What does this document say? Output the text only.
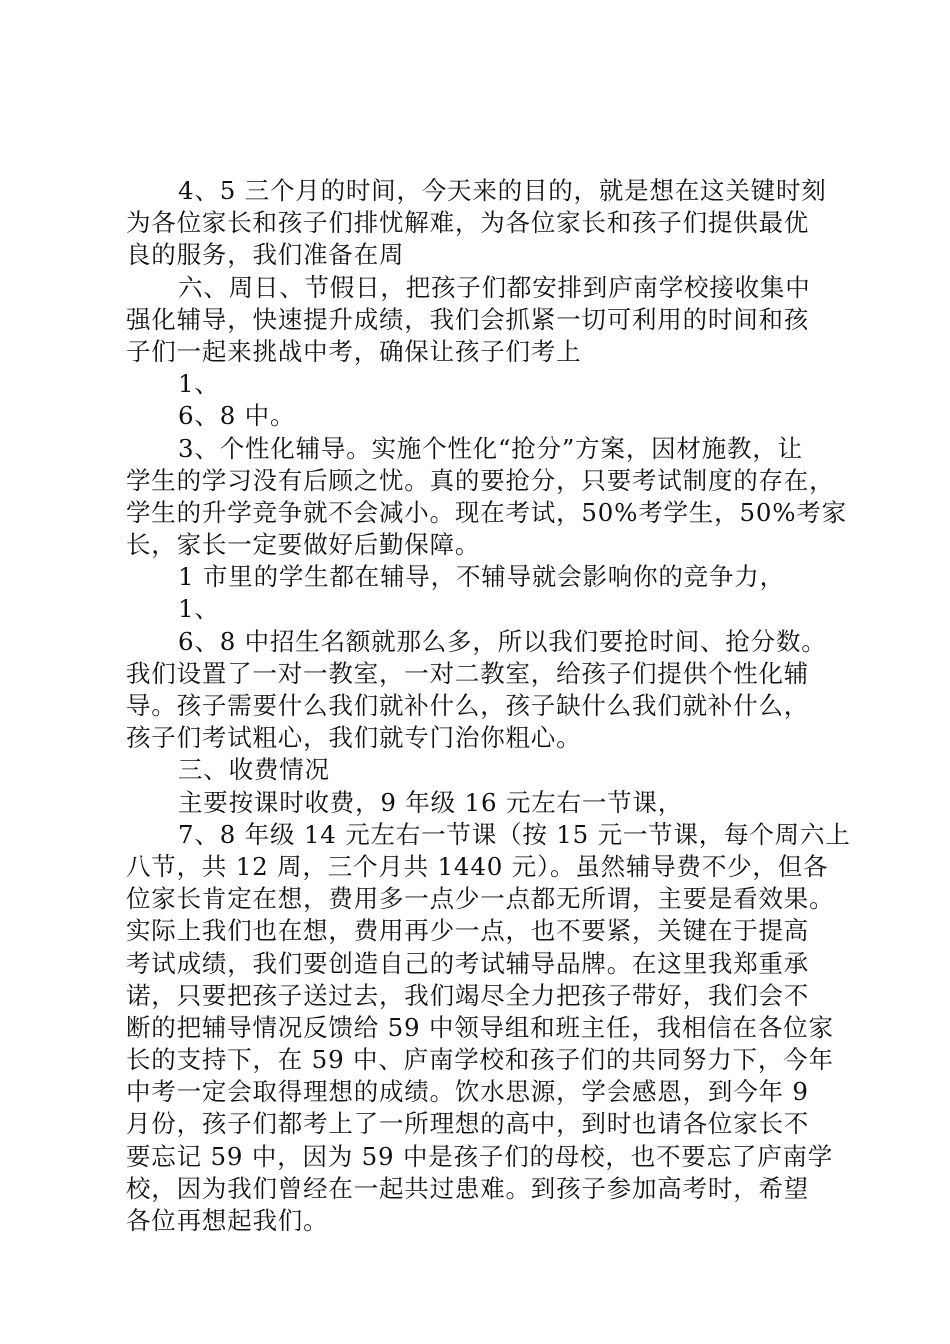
4、5 三个月的时间，今天来的目的，就是想在这关键时刻
为各位家长和孩子们排忧解难，为各位家长和孩子们提供最优
良的服务，我们准备在周
六、周日、节假日，把孩子们都安排到庐南学校接收集中
强化辅导，快速提升成绩，我们会抓紧一切可利用的时间和孩
子们一起来挑战中考，确保让孩子们考上
1、
6、8 中。
3、个性化辅导。实施个性化“抢分”方案，因材施教，让
学生的学习没有后顾之忧。真的要抢分，只要考试制度的存在，
学生的升学竞争就不会减小。现在考试，50%考学生，50%考家
长，家长一定要做好后勤保障。
1 市里的学生都在辅导，不辅导就会影响你的竞争力，
1、
6、8 中招生名额就那么多，所以我们要抢时间、抢分数。
我们设置了一对一教室，一对二教室，给孩子们提供个性化辅
导。孩子需要什么我们就补什么，孩子缺什么我们就补什么，
孩子们考试粗心，我们就专门治你粗心。
三、收费情况
主要按课时收费，9 年级 16 元左右一节课，
7、8 年级 14 元左右一节课（按 15 元一节课，每个周六上
八节，共 12 周，三个月共 1440 元）。虽然辅导费不少，但各
位家长肯定在想，费用多一点少一点都无所谓，主要是看效果。
实际上我们也在想，费用再少一点，也不要紧，关键在于提高
考试成绩，我们要创造自己的考试辅导品牌。在这里我郑重承
诺，只要把孩子送过去，我们竭尽全力把孩子带好，我们会不
断的把辅导情况反馈给 59 中领导组和班主任，我相信在各位家
长的支持下，在 59 中、庐南学校和孩子们的共同努力下，今年
中考一定会取得理想的成绩。饮水思源，学会感恩，到今年 9
月份，孩子们都考上了一所理想的高中，到时也请各位家长不
要忘记 59 中，因为 59 中是孩子们的母校，也不要忘了庐南学
校，因为我们曾经在一起共过患难。到孩子参加高考时，希望
各位再想起我们。
